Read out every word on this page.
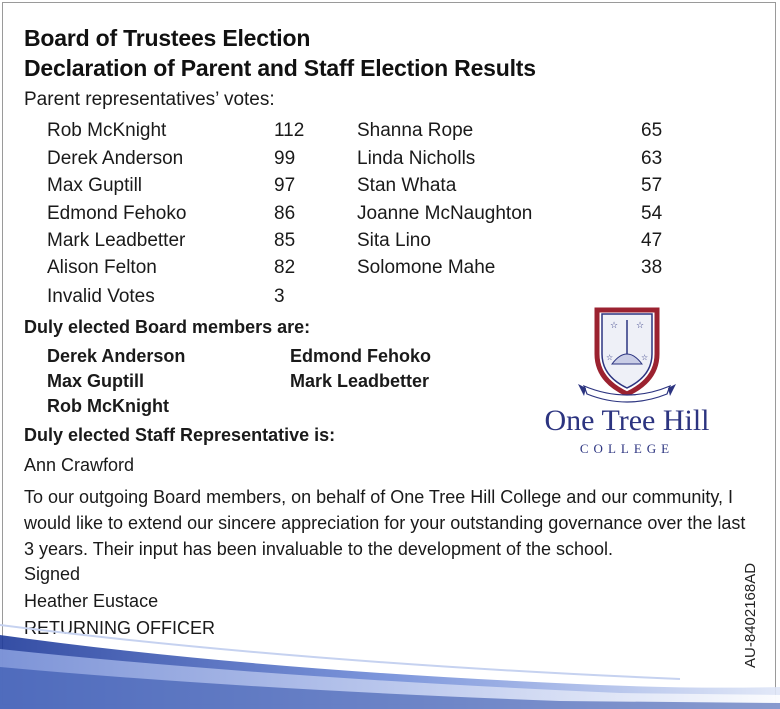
Board of Trustees Election
Declaration of Parent and Staff Election Results
Parent representatives’ votes:
Rob McKnight	112
Derek Anderson	99
Max Guptill	97
Edmond Fehoko	86
Mark Leadbetter	85
Alison Felton	82
Shanna Rope	65
Linda Nicholls	63
Stan Whata	57
Joanne McNaughton	54
Sita Lino	47
Solomone Mahe	38
Invalid Votes	3
Duly elected Board members are:
Derek Anderson	Edmond Fehoko
Max Guptill	Mark Leadbetter
Rob McKnight
Duly elected Staff Representative is:
Ann Crawford
To our outgoing Board members, on behalf of One Tree Hill College and our community, I would like to extend our sincere appreciation for your outstanding governance over the last 3 years. Their input has been invaluable to the development of the school.
Signed
Heather Eustace
RETURNING OFFICER
☆ ☆
☆	☆
One Tree Hill
COLLEGE
AU-8402168AD
